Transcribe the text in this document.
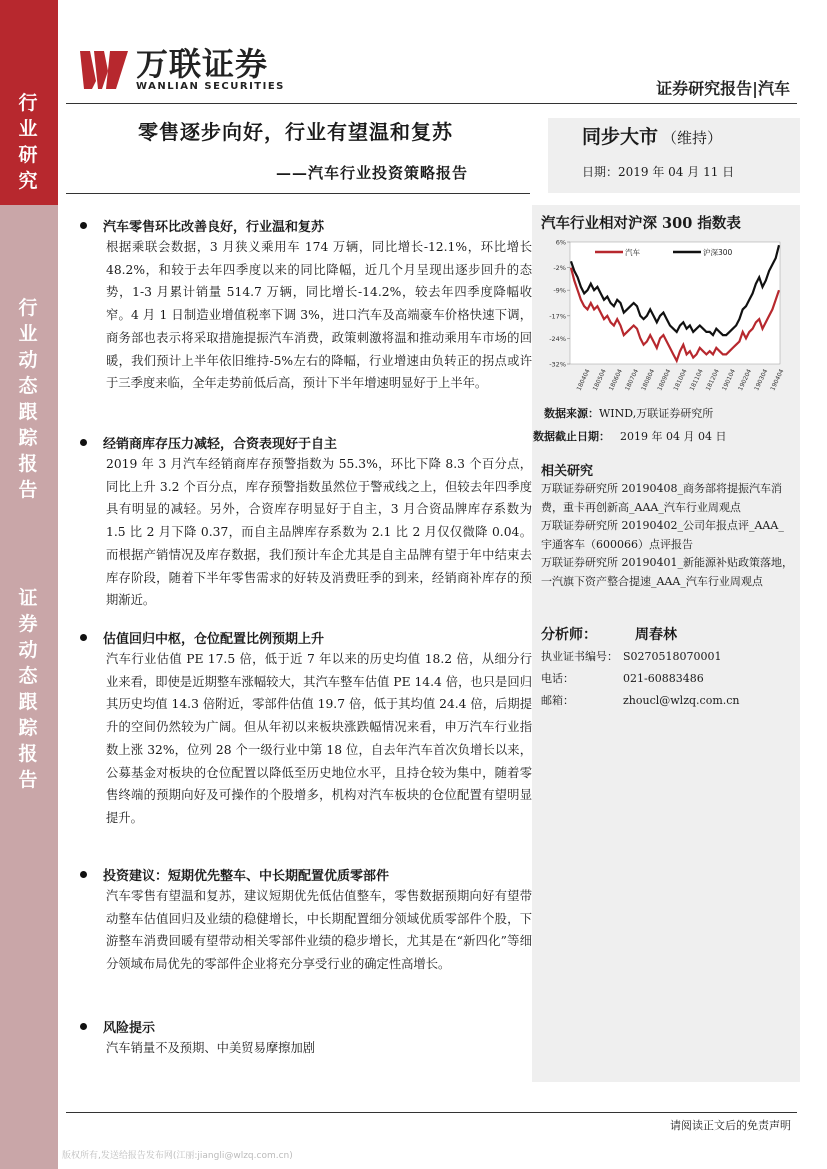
行业研究
行业动态跟踪报告
证券动态跟踪报告
万联证券
WANLIAN SECURITIES	证券研究报告|汽车
零售逐步向好，行业有望温和复苏
——汽车行业投资策略报告
同步大市 （维持）
日期：2019 年 04 月 11 日
汽车零售环比改善良好，行业温和复苏
根据乘联会数据，3 月狭义乘用车 174 万辆，同比增长-12.1%，环比增长 48.2%，和较于去年四季度以来的同比降幅，近几个月呈现出逐步回升的态势，1-3 月累计销量 514.7 万辆，同比增长-14.2%，较去年四季度降幅收窄。4 月 1 日制造业增值税率下调 3%，进口汽车及高端豪车价格快速下调，商务部也表示将采取措施提振汽车消费，政策刺激将温和推动乘用车市场的回暖，我们预计上半年依旧维持-5%左右的降幅，行业增速由负转正的拐点或许于三季度来临，全年走势前低后高，预计下半年增速明显好于上半年。
经销商库存压力减轻，合资表现好于自主
2019 年 3 月汽车经销商库存预警指数为 55.3%，环比下降 8.3 个百分点，同比上升 3.2 个百分点，库存预警指数虽然位于警戒线之上，但较去年四季度具有明显的减轻。另外，合资库存明显好于自主，3 月合资品牌库存系数为 1.5 比 2 月下降 0.37，而自主品牌库存系数为 2.1 比 2 月仅仅微降 0.04。而根据产销情况及库存数据，我们预计车企尤其是自主品牌有望于年中结束去库存阶段，随着下半年零售需求的好转及消费旺季的到来，经销商补库存的预期渐近。
估值回归中枢，仓位配置比例预期上升
汽车行业估值 PE 17.5 倍，低于近 7 年以来的历史均值 18.2 倍，从细分行业来看，即使是近期整车涨幅较大，其汽车整车估值 PE 14.4 倍，也只是回归其历史均值 14.3 倍附近，零部件估值 19.7 倍，低于其均值 24.4 倍，后期提升的空间仍然较为广阔。但从年初以来板块涨跌幅情况来看，申万汽车行业指数上涨 32%，位列 28 个一级行业中第 18 位，自去年汽车首次负增长以来，公募基金对板块的仓位配置以降低至历史地位水平，且持仓较为集中，随着零售终端的预期向好及可操作的个股增多，机构对汽车板块的仓位配置有望明显提升。
投资建议：短期优先整车、中长期配置优质零部件
汽车零售有望温和复苏，建议短期优先低估值整车，零售数据预期向好有望带动整车估值回归及业绩的稳健增长，中长期配置细分领域优质零部件个股，下游整车消费回暖有望带动相关零部件业绩的稳步增长，尤其是在“新四化”等细分领域布局优先的零部件企业将充分享受行业的确定性高增长。
风险提示
汽车销量不及预期、中美贸易摩擦加剧
汽车行业相对沪深 300 指数表
-32%
-24%
-17%
-9%
-2%
6%
180404 180504 180604 180704 180804 180904 181004 181104 181204 190104 190204 190304 190404
汽车	沪深300
数据来源：WIND,万联证券研究所
数据截止日期： 2019 年 04 月 04 日
相关研究
万联证券研究所 20190408_商务部将提振汽车消费，重卡再创新高_AAA_汽车行业周观点
万联证券研究所 20190402_公司年报点评_AAA_宇通客车（600066）点评报告
万联证券研究所 20190401_新能源补贴政策落地，一汽旗下资产整合提速_AAA_汽车行业周观点
分析师：	周春林
执业证书编号： S0270518070001
电话：	021-60883486
邮箱：	zhoucl@wlzq.com.cn
请阅读正文后的免责声明
版权所有,发送给报告发布网(江丽:jiangli@wlzq.com.cn)
